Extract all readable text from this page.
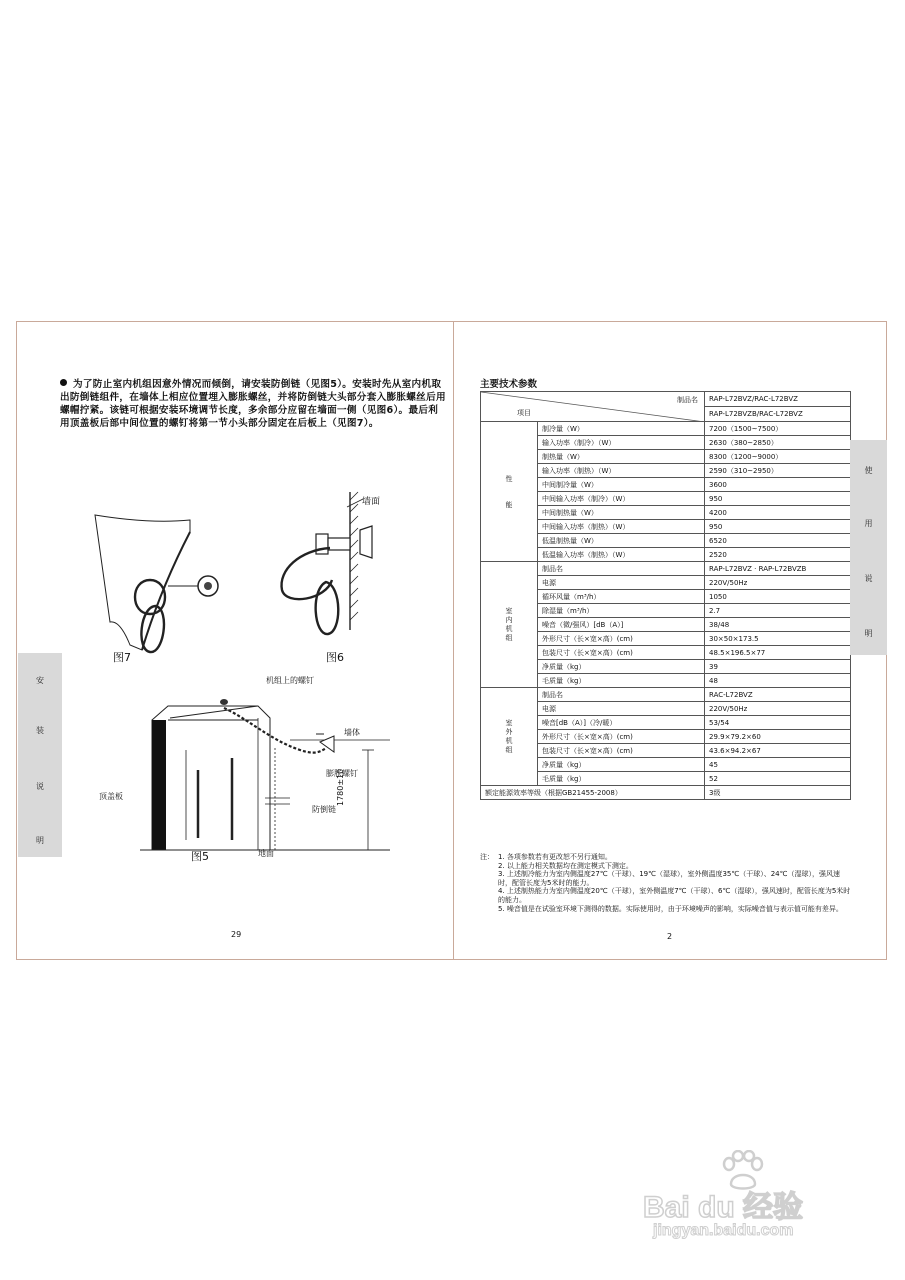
为了防止室内机组因意外情况而倾倒，请安装防倒链（见图5）。安装时先从室内机取出防倒链组件，在墙体上相应位置埋入膨胀螺丝，并将防倒链大头部分套入膨胀螺丝后用螺帽拧紧。该链可根据安装环境调节长度，多余部分应留在墙面一侧（见图6）。最后利用顶盖板后部中间位置的螺钉将第一节小头部分固定在后板上（见图7）。
安
装
说
明
图7	图6
墙面
机组上的螺钉
墙体
膨胀螺钉
防倒链
顶盖板
地面
1780±10
图5
29
主要技术参数
制品名
项目		RAP-L72BVZ/RAC-L72BVZ
		RAP-L72BVZB/RAC-L72BVZ
性

能	制冷量（W）	7200（1500~7500）
	输入功率（制冷）（W）	2630（380~2850）
	制热量（W）	8300（1200~9000）
	输入功率（制热）（W）	2590（310~2950）
	中间制冷量（W）	3600
	中间输入功率（制冷）（W）	950
	中间制热量（W）	4200
	中间输入功率（制热）（W）	950
	低温制热量（W）	6520
	低温输入功率（制热）（W）	2520
室
内
机
组	制品名	RAP-L72BVZ · RAP-L72BVZB
	电源	220V/50Hz
	循环风量（m³/h）	1050
	除湿量（m³/h）	2.7
	噪音（微/强风）[dB（A）]	38/48
	外形尺寸（长×宽×高）(cm)	30×50×173.5
	包装尺寸（长×宽×高）(cm)	48.5×196.5×77
	净质量（kg）	39
	毛质量（kg）	48
室
外
机
组	制品名	RAC-L72BVZ
	电源	220V/50Hz
	噪音[dB（A）]（冷/暖）	53/54
	外形尺寸（长×宽×高）(cm)	29.9×79.2×60
	包装尺寸（长×宽×高）(cm)	43.6×94.2×67
	净质量（kg）	45
	毛质量（kg）	52
额定能源效率等级（根据GB21455-2008）		3级
注： 1. 各项参数若有更改恕不另行通知。
2. 以上能力相关数据均在测定模式下测定。
3. 上述制冷能力为室内侧温度27℃（干球）、19℃（湿球），室外侧温度35℃（干球）、24℃（湿球），强风速时，配管长度为5米时的能力。
4. 上述制热能力为室内侧温度20℃（干球），室外侧温度7℃（干球）、6℃（湿球），强风速时，配管长度为5米时的能力。
5. 噪音值是在试验室环境下测得的数据。实际使用时，由于环境噪声的影响，实际噪音值与表示值可能有差异。
使
用
说
明
2
Bai du 经验
jingyan.baidu.com
